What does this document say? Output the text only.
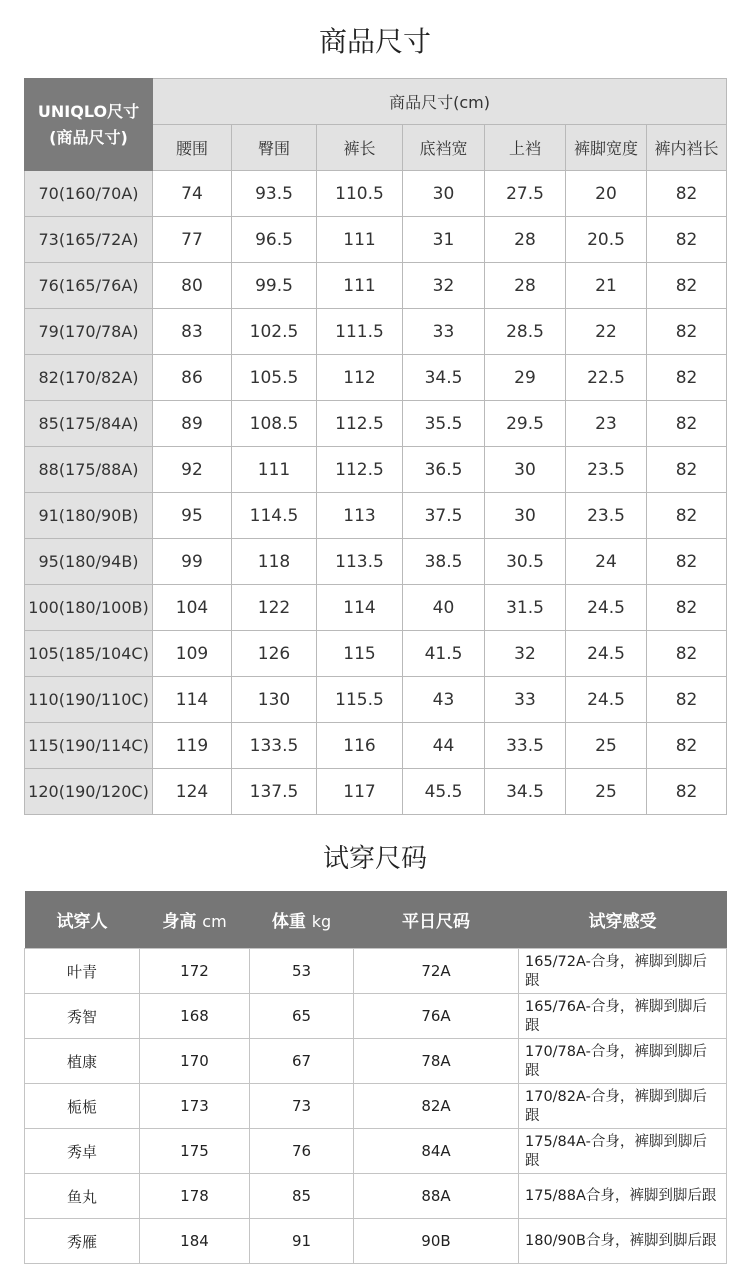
商品尺寸
UNIQLO尺寸
(商品尺寸)	商品尺寸(cm)						
	腰围	臀围	裤长	底裆宽	上裆	裤脚宽度	裤内裆长
70(160/70A)	74	93.5	110.5	30	27.5	20	82
73(165/72A)	77	96.5	111	31	28	20.5	82
76(165/76A)	80	99.5	111	32	28	21	82
79(170/78A)	83	102.5	111.5	33	28.5	22	82
82(170/82A)	86	105.5	112	34.5	29	22.5	82
85(175/84A)	89	108.5	112.5	35.5	29.5	23	82
88(175/88A)	92	111	112.5	36.5	30	23.5	82
91(180/90B)	95	114.5	113	37.5	30	23.5	82
95(180/94B)	99	118	113.5	38.5	30.5	24	82
100(180/100B)	104	122	114	40	31.5	24.5	82
105(185/104C)	109	126	115	41.5	32	24.5	82
110(190/110C)	114	130	115.5	43	33	24.5	82
115(190/114C)	119	133.5	116	44	33.5	25	82
120(190/120C)	124	137.5	117	45.5	34.5	25	82
试穿尺码
试穿人	身高 cm	体重 kg	平日尺码	试穿感受
叶青	172	53	72A	165/72A-合身，裤脚到脚后跟
秀智	168	65	76A	165/76A-合身，裤脚到脚后跟
植康	170	67	78A	170/78A-合身，裤脚到脚后跟
栀栀	173	73	82A	170/82A-合身，裤脚到脚后跟
秀卓	175	76	84A	175/84A-合身，裤脚到脚后跟
鱼丸	178	85	88A	175/88A合身，裤脚到脚后跟
秀雁	184	91	90B	180/90B合身，裤脚到脚后跟
